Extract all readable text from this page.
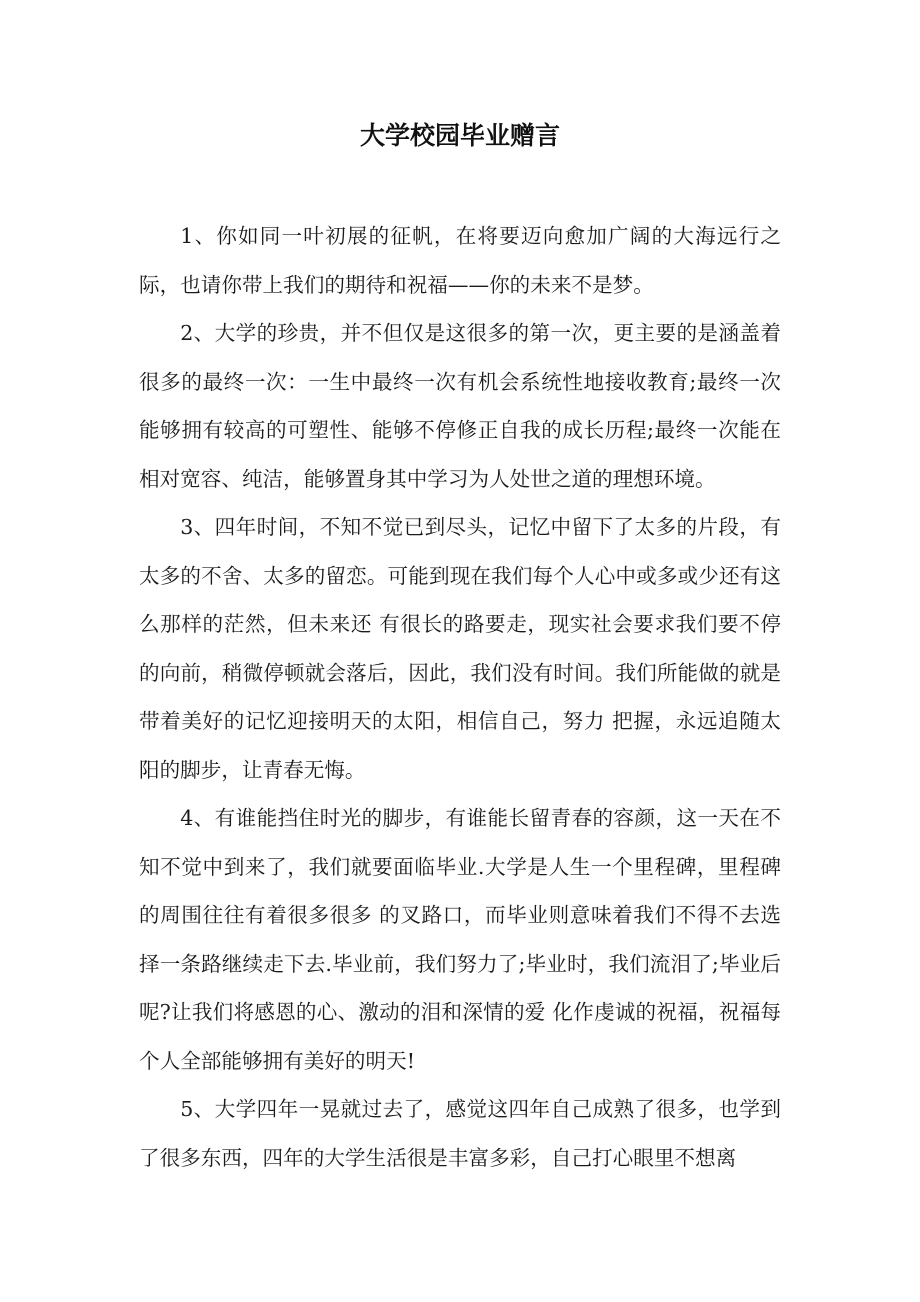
大学校园毕业赠言

1、你如同一叶初展的征帆，在将要迈向愈加广阔的大海远行之际，也请你带上我们的期待和祝福——你的未来不是梦。

2、大学的珍贵，并不但仅是这很多的第一次，更主要的是涵盖着很多的最终一次：一生中最终一次有机会系统性地接收教育;最终一次能够拥有较高的可塑性、能够不停修正自我的成长历程;最终一次能在相对宽容、纯洁，能够置身其中学习为人处世之道的理想环境。

3、四年时间，不知不觉已到尽头，记忆中留下了太多的片段，有太多的不舍、太多的留恋。可能到现在我们每个人心中或多或少还有这么那样的茫然，但未来还 有很长的路要走，现实社会要求我们要不停的向前，稍微停顿就会落后，因此，我们没有时间。我们所能做的就是带着美好的记忆迎接明天的太阳，相信自己，努力 把握，永远追随太阳的脚步，让青春无悔。

4、有谁能挡住时光的脚步，有谁能长留青春的容颜，这一天在不知不觉中到来了，我们就要面临毕业.大学是人生一个里程碑，里程碑的周围往往有着很多很多 的叉路口，而毕业则意味着我们不得不去选择一条路继续走下去.毕业前，我们努力了;毕业时，我们流泪了;毕业后呢?让我们将感恩的心、激动的泪和深情的爱 化作虔诚的祝福，祝福每个人全部能够拥有美好的明天!

5、大学四年一晃就过去了，感觉这四年自己成熟了很多，也学到了很多东西，四年的大学生活很是丰富多彩，自己打心眼里不想离
